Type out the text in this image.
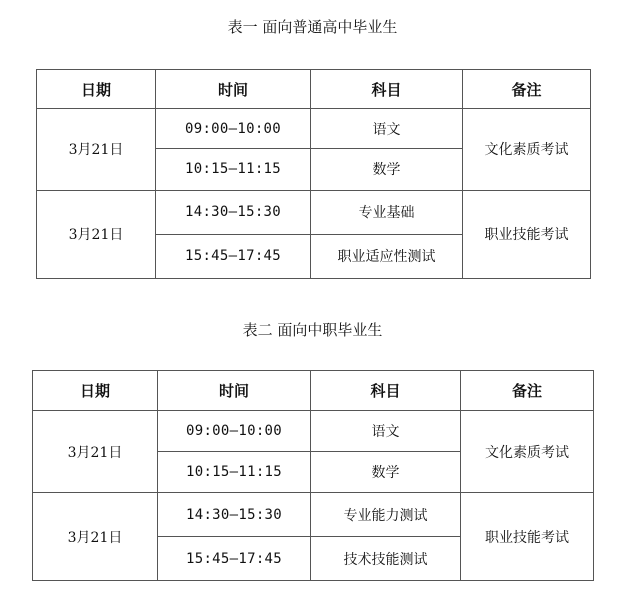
表一 面向普通高中毕业生
日期	时间	科目	备注
3月21日	09:00—10:00	语文	文化素质考试
	10:15—11:15	数学	
3月21日	14:30—15:30	专业基础	职业技能考试
	15:45—17:45	职业适应性测试	
表二 面向中职毕业生
日期	时间	科目	备注
3月21日	09:00—10:00	语文	文化素质考试
	10:15—11:15	数学	
3月21日	14:30—15:30	专业能力测试	职业技能考试
	15:45—17:45	技术技能测试	
